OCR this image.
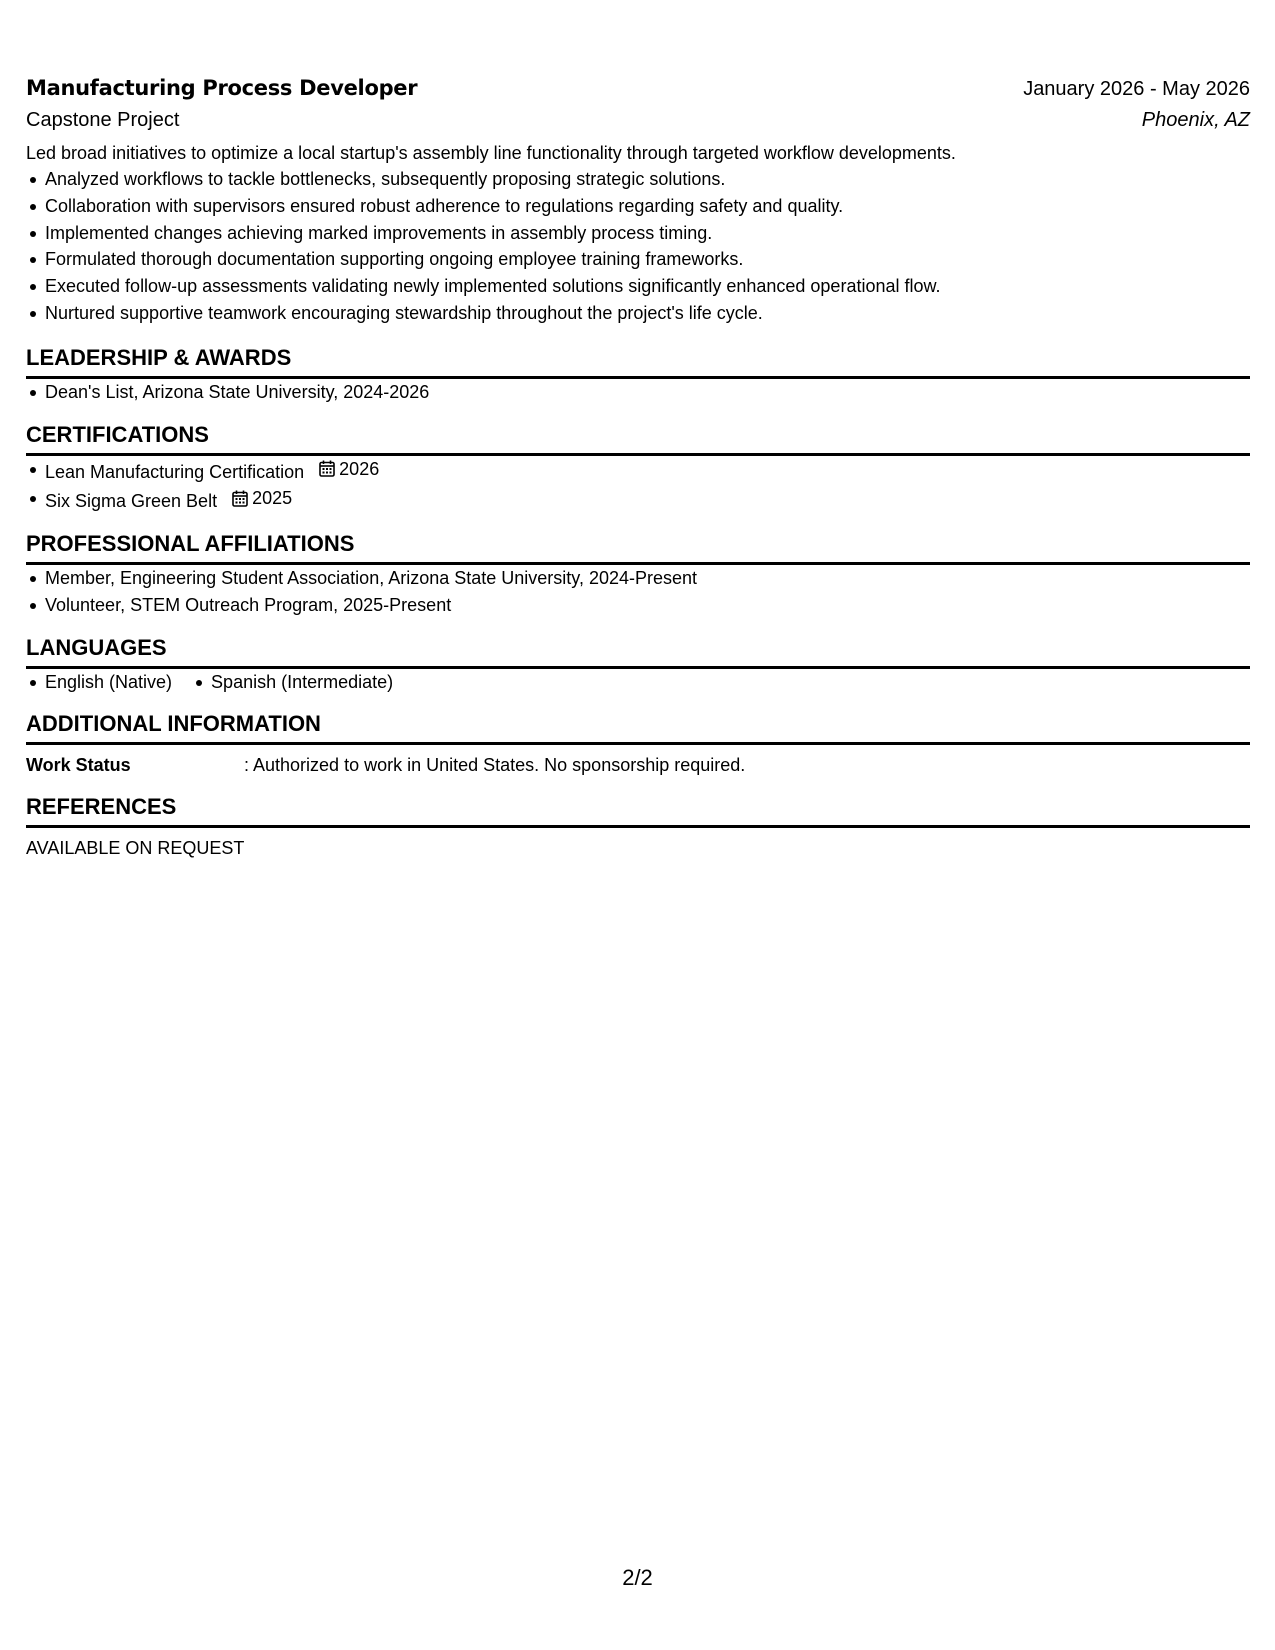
Manufacturing Process Developer	January 2026 - May 2026
Capstone Project	Phoenix, AZ
Led broad initiatives to optimize a local startup's assembly line functionality through targeted workflow developments.
Analyzed workflows to tackle bottlenecks, subsequently proposing strategic solutions.
Collaboration with supervisors ensured robust adherence to regulations regarding safety and quality.
Implemented changes achieving marked improvements in assembly process timing.
Formulated thorough documentation supporting ongoing employee training frameworks.
Executed follow-up assessments validating newly implemented solutions significantly enhanced operational flow.
Nurtured supportive teamwork encouraging stewardship throughout the project's life cycle.
LEADERSHIP & AWARDS
Dean's List, Arizona State University, 2024-2026
CERTIFICATIONS
Lean Manufacturing Certification 2026
Six Sigma Green Belt 2025
PROFESSIONAL AFFILIATIONS
Member, Engineering Student Association, Arizona State University, 2024-Present
Volunteer, STEM Outreach Program, 2025-Present
LANGUAGES
English (Native) Spanish (Intermediate)
ADDITIONAL INFORMATION
Work Status	: Authorized to work in United States. No sponsorship required.
REFERENCES
AVAILABLE ON REQUEST
2/2
